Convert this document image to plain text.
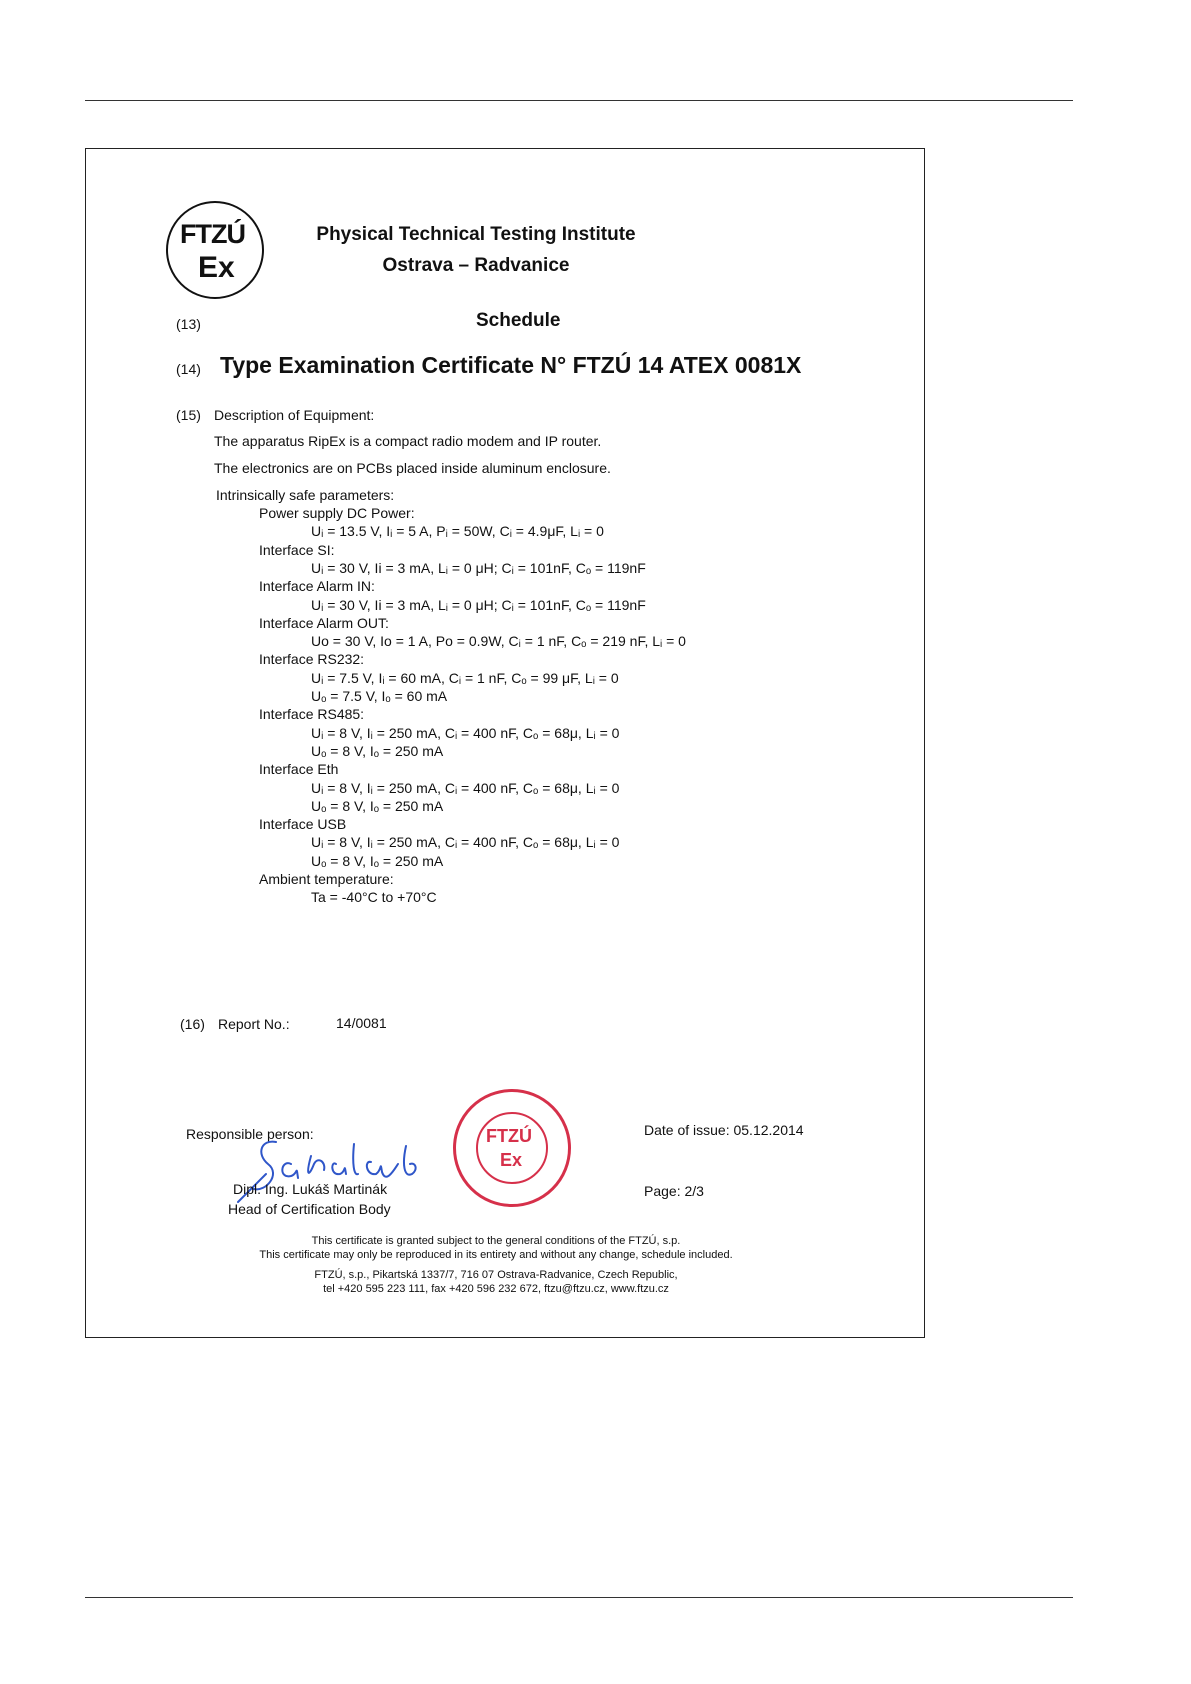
FTZÚ
Ex
Physical Technical Testing Institute
Ostrava – Radvanice
(13)	Schedule
(14) Type Examination Certificate N° FTZÚ 14 ATEX 0081X
(15) Description of Equipment:
The apparatus RipEx is a compact radio modem and IP router.
The electronics are on PCBs placed inside aluminum enclosure.
Intrinsically safe parameters:
Power supply DC Power:
Uᵢ = 13.5 V, Iᵢ = 5 A, Pᵢ = 50W, Cᵢ = 4.9μF, Lᵢ = 0
Interface SI:
Uᵢ = 30 V, Ii = 3 mA, Lᵢ = 0 μH; Cᵢ = 101nF, Cₒ = 119nF
Interface Alarm IN:
Uᵢ = 30 V, Ii = 3 mA, Lᵢ = 0 μH; Cᵢ = 101nF, Cₒ = 119nF
Interface Alarm OUT:
Uo = 30 V, Io = 1 A, Po = 0.9W, Cᵢ = 1 nF, Cₒ = 219 nF, Lᵢ = 0
Interface RS232:
Uᵢ = 7.5 V, Iᵢ = 60 mA, Cᵢ = 1 nF, Cₒ = 99 μF, Lᵢ = 0
Uₒ = 7.5 V, Iₒ = 60 mA
Interface RS485:
Uᵢ = 8 V, Iᵢ = 250 mA, Cᵢ = 400 nF, Cₒ = 68μ, Lᵢ = 0
Uₒ = 8 V, Iₒ = 250 mA
Interface Eth
Uᵢ = 8 V, Iᵢ = 250 mA, Cᵢ = 400 nF, Cₒ = 68μ, Lᵢ = 0
Uₒ = 8 V, Iₒ = 250 mA
Interface USB
Uᵢ = 8 V, Iᵢ = 250 mA, Cᵢ = 400 nF, Cₒ = 68μ, Lᵢ = 0
Uₒ = 8 V, Iₒ = 250 mA
Ambient temperature:
Ta = -40°C to +70°C
(16) Report No.:	14/0081
Responsible person:
Dipl. Ing. Lukáš Martinák
Head of Certification Body
FTZÚ
Ex
Date of issue: 05.12.2014
Page: 2/3
This certificate is granted subject to the general conditions of the FTZÚ, s.p.
This certificate may only be reproduced in its entirety and without any change, schedule included.
FTZÚ, s.p., Pikartská 1337/7, 716 07 Ostrava-Radvanice, Czech Republic,
tel +420 595 223 111, fax +420 596 232 672, ftzu@ftzu.cz, www.ftzu.cz
